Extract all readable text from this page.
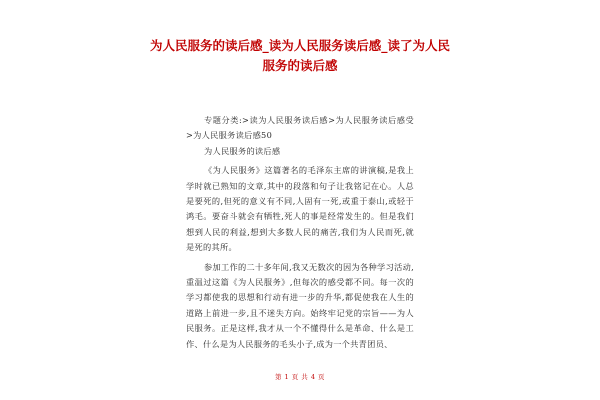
为人民服务的读后感_读为人民服务读后感_读了为人民服务的读后感

专题分类:>读为人民服务读后感>为人民服务读后感受>为人民服务读后感50

为人民服务的读后感

《为人民服务》这篇著名的毛泽东主席的讲演稿,是我上学时就已熟知的文章,其中的段落和句子让我铭记在心。人总是要死的,但死的意义有不同,人固有一死,或重于泰山,或轻于鸿毛。要奋斗就会有牺牲,死人的事是经常发生的。但是我们想到人民的利益,想到大多数人民的痛苦,我们为人民而死,就是死的其所。

参加工作的二十多年间,我又无数次的因为各种学习活动,重温过这篇《为人民服务》,但每次的感受都不同。每一次的学习都使我的思想和行动有进一步的升华,都促使我在人生的道路上前进一步,且不迷失方向。始终牢记党的宗旨——为人民服务。正是这样,我才从一个不懂得什么是革命、什么是工作、什么是为人民服务的毛头小子,成为一个共青团员、

第 1 页 共 4 页
